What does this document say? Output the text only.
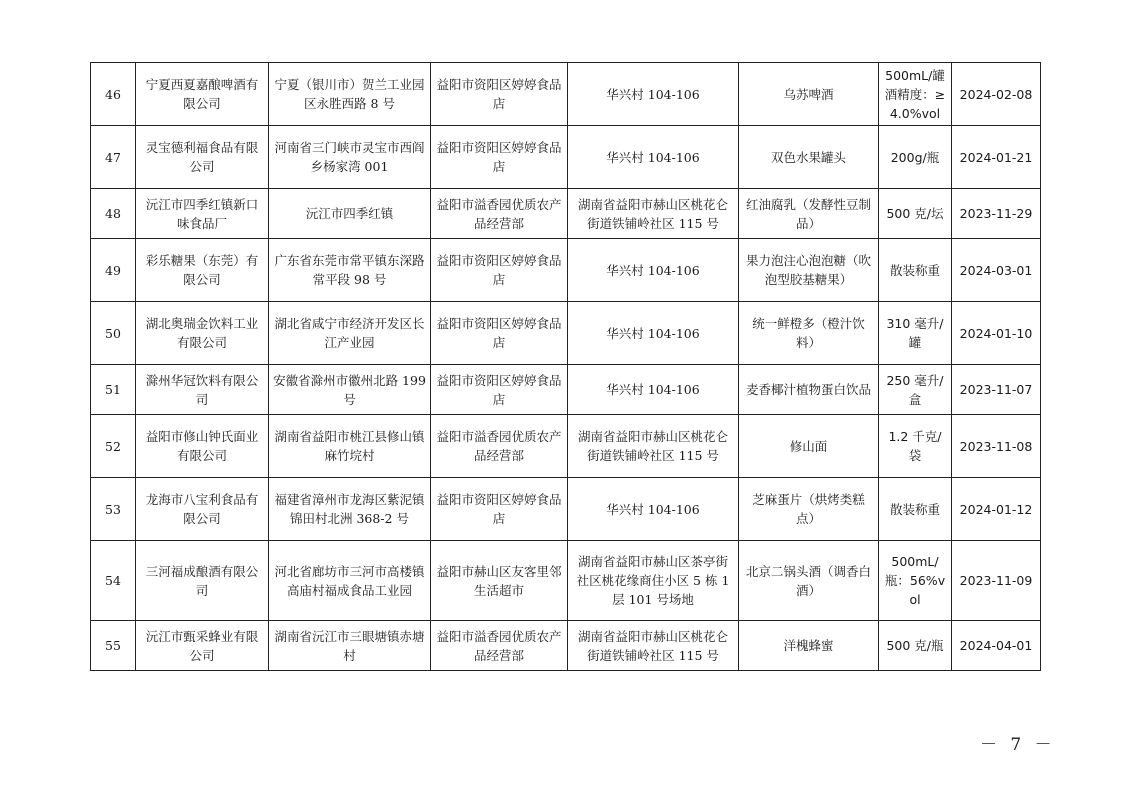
46	宁夏西夏嘉酿啤酒有限公司	宁夏（银川市）贺兰工业园区永胜西路 8 号	益阳市资阳区婷婷食品店	华兴村 104-106	乌苏啤酒	500mL/罐 酒精度：≥4.0%vol	2024-02-08
47	灵宝德利福食品有限公司	河南省三门峡市灵宝市西阎乡杨家湾 001	益阳市资阳区婷婷食品店	华兴村 104-106	双色水果罐头	200g/瓶	2024-01-21
48	沅江市四季红镇新口味食品厂	沅江市四季红镇	益阳市溢香园优质农产品经营部	湖南省益阳市赫山区桃花仑街道铁铺岭社区 115 号	红油腐乳（发酵性豆制品）	500 克/坛	2023-11-29
49	彩乐糖果（东莞）有限公司	广东省东莞市常平镇东深路常平段 98 号	益阳市资阳区婷婷食品店	华兴村 104-106	果力泡注心泡泡糖（吹泡型胶基糖果）	散装称重	2024-03-01
50	湖北奥瑞金饮料工业有限公司	湖北省咸宁市经济开发区长江产业园	益阳市资阳区婷婷食品店	华兴村 104-106	统一鲜橙多（橙汁饮料）	310 毫升/罐	2024-01-10
51	滁州华冠饮料有限公司	安徽省滁州市徽州北路 199 号	益阳市资阳区婷婷食品店	华兴村 104-106	麦香椰汁植物蛋白饮品	250 毫升/盒	2023-11-07
52	益阳市修山钟氏面业有限公司	湖南省益阳市桃江县修山镇麻竹垸村	益阳市溢香园优质农产品经营部	湖南省益阳市赫山区桃花仑街道铁铺岭社区 115 号	修山面	1.2 千克/袋	2023-11-08
53	龙海市八宝利食品有限公司	福建省漳州市龙海区紫泥镇锦田村北洲 368-2 号	益阳市资阳区婷婷食品店	华兴村 104-106	芝麻蛋片（烘烤类糕点）	散装称重	2024-01-12
54	三河福成酿酒有限公司	河北省廊坊市三河市高楼镇高庙村福成食品工业园	益阳市赫山区友客里邻生活超市	湖南省益阳市赫山区茶亭街社区桃花缘商住小区 5 栋 1 层 101 号场地	北京二锅头酒（调香白酒）	500mL/瓶：56%vol	2023-11-09
55	沅江市甄采蜂业有限公司	湖南省沅江市三眼塘镇赤塘村	益阳市溢香园优质农产品经营部	湖南省益阳市赫山区桃花仑街道铁铺岭社区 115 号	洋槐蜂蜜	500 克/瓶	2024-04-01
－ 7 －
